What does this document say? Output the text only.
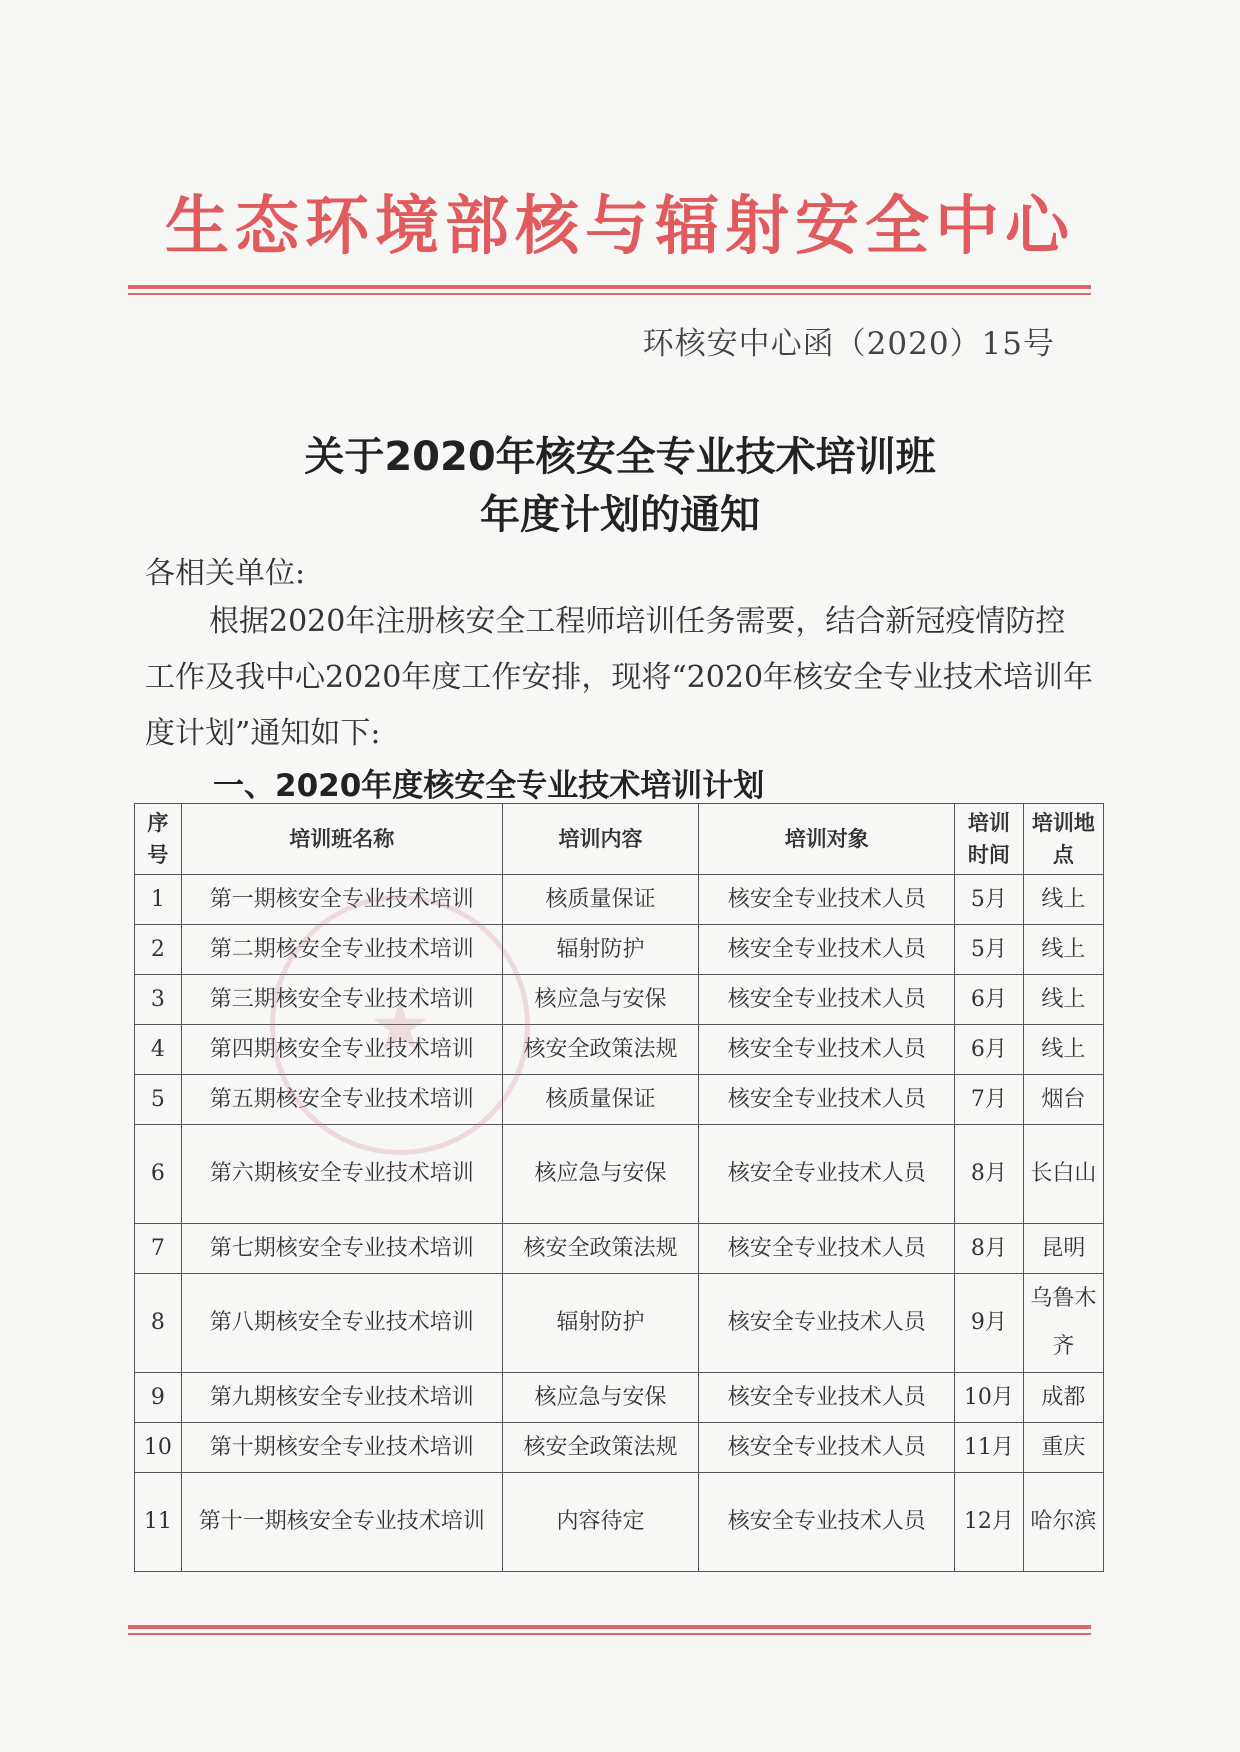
生态环境部核与辐射安全中心
环核安中心函（2020）15号
关于2020年核安全专业技术培训班
年度计划的通知
各相关单位:

根据2020年注册核安全工程师培训任务需要，结合新冠疫情防控工作及我中心2020年度工作安排，现将“2020年核安全专业技术培训年度计划”通知如下:

一、2020年度核安全专业技术培训计划
序号	培训班名称	培训内容	培训对象	培训时间	培训地点
1	第一期核安全专业技术培训	核质量保证	核安全专业技术人员	5月	线上
2	第二期核安全专业技术培训	辐射防护	核安全专业技术人员	5月	线上
3	第三期核安全专业技术培训	核应急与安保	核安全专业技术人员	6月	线上
4	第四期核安全专业技术培训	核安全政策法规	核安全专业技术人员	6月	线上
5	第五期核安全专业技术培训	核质量保证	核安全专业技术人员	7月	烟台
6	第六期核安全专业技术培训	核应急与安保	核安全专业技术人员	8月	长白山
7	第七期核安全专业技术培训	核安全政策法规	核安全专业技术人员	8月	昆明
8	第八期核安全专业技术培训	辐射防护	核安全专业技术人员	9月	乌鲁木齐
9	第九期核安全专业技术培训	核应急与安保	核安全专业技术人员	10月	成都
10	第十期核安全专业技术培训	核安全政策法规	核安全专业技术人员	11月	重庆
11	第十一期核安全专业技术培训	内容待定	核安全专业技术人员	12月	哈尔滨
★
